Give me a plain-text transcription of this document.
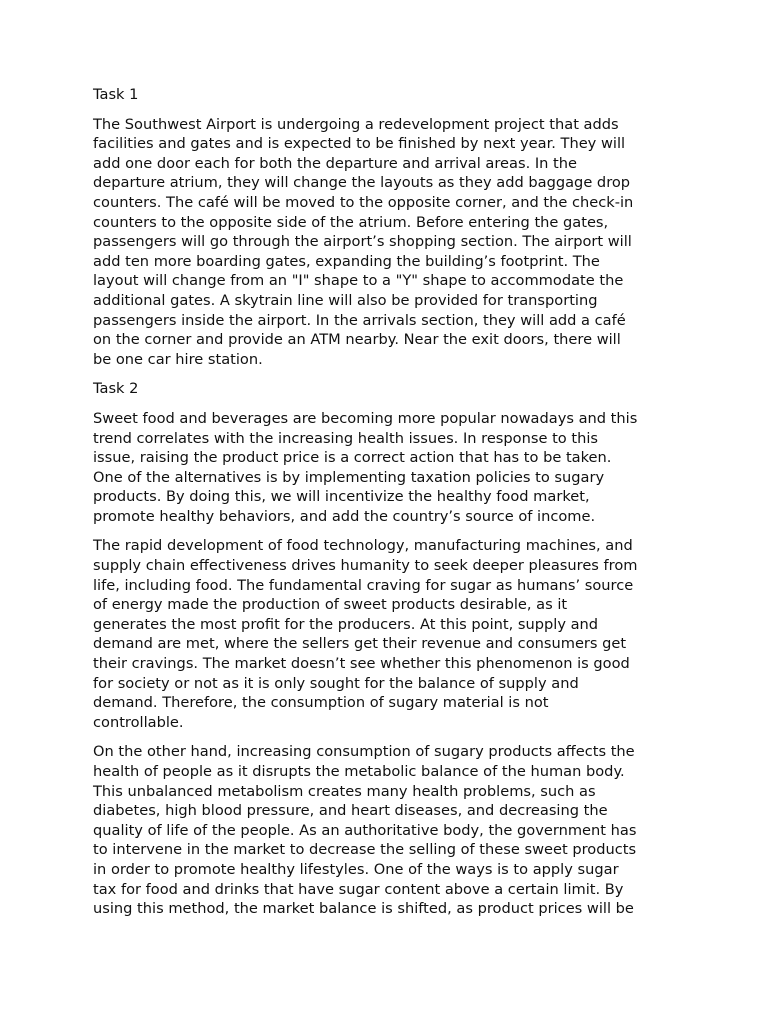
Task 1
The Southwest Airport is undergoing a redevelopment project that adds
facilities and gates and is expected to be finished by next year. They will
add one door each for both the departure and arrival areas. In the
departure atrium, they will change the layouts as they add baggage drop
counters. The café will be moved to the opposite corner, and the check-in
counters to the opposite side of the atrium. Before entering the gates,
passengers will go through the airport’s shopping section. The airport will
add ten more boarding gates, expanding the building’s footprint. The
layout will change from an "I" shape to a "Y" shape to accommodate the
additional gates. A skytrain line will also be provided for transporting
passengers inside the airport. In the arrivals section, they will add a café
on the corner and provide an ATM nearby. Near the exit doors, there will
be one car hire station.
Task 2
Sweet food and beverages are becoming more popular nowadays and this
trend correlates with the increasing health issues. In response to this
issue, raising the product price is a correct action that has to be taken.
One of the alternatives is by implementing taxation policies to sugary
products. By doing this, we will incentivize the healthy food market,
promote healthy behaviors, and add the country’s source of income.
The rapid development of food technology, manufacturing machines, and
supply chain effectiveness drives humanity to seek deeper pleasures from
life, including food. The fundamental craving for sugar as humans’ source
of energy made the production of sweet products desirable, as it
generates the most profit for the producers. At this point, supply and
demand are met, where the sellers get their revenue and consumers get
their cravings. The market doesn’t see whether this phenomenon is good
for society or not as it is only sought for the balance of supply and
demand. Therefore, the consumption of sugary material is not
controllable.
On the other hand, increasing consumption of sugary products affects the
health of people as it disrupts the metabolic balance of the human body.
This unbalanced metabolism creates many health problems, such as
diabetes, high blood pressure, and heart diseases, and decreasing the
quality of life of the people. As an authoritative body, the government has
to intervene in the market to decrease the selling of these sweet products
in order to promote healthy lifestyles. One of the ways is to apply sugar
tax for food and drinks that have sugar content above a certain limit. By
using this method, the market balance is shifted, as product prices will be
